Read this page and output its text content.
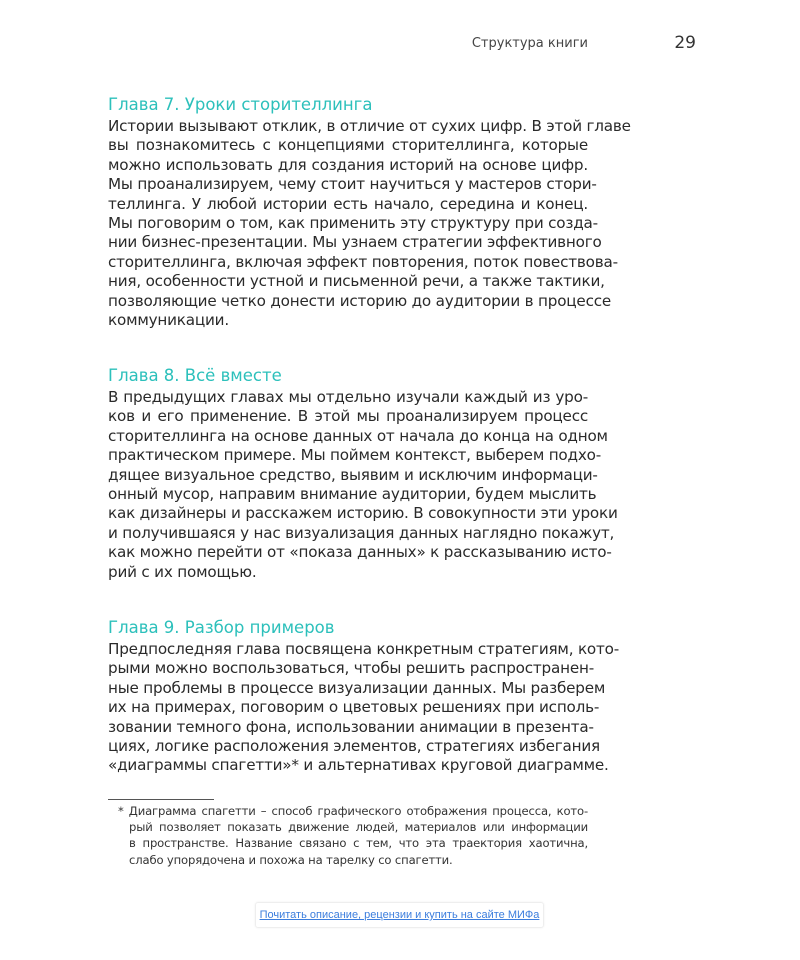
Структура книги	29
Глава 7. Уроки сторителлинга
Истории вызывают отклик, в отличие от сухих цифр. В этой главе
вы познакомитесь с концепциями сторителлинга, которые
можно использовать для создания историй на основе цифр.
Мы проанализируем, чему стоит научиться у мастеров стори-
теллинга. У любой истории есть начало, середина и конец.
Мы поговорим о том, как применить эту структуру при созда-
нии бизнес-презентации. Мы узнаем стратегии эффективного
сторителлинга, включая эффект повторения, поток повествова-
ния, особенности устной и письменной речи, а также тактики,
позволяющие четко донести историю до аудитории в процессе
коммуникации.
Глава 8. Всё вместе
В предыдущих главах мы отдельно изучали каждый из уро-
ков и его применение. В этой мы проанализируем процесс
сторителлинга на основе данных от начала до конца на одном
практическом примере. Мы поймем контекст, выберем подхо-
дящее визуальное средство, выявим и исключим информаци-
онный мусор, направим внимание аудитории, будем мыслить
как дизайнеры и расскажем историю. В совокупности эти уроки
и получившаяся у нас визуализация данных наглядно покажут,
как можно перейти от «показа данных» к рассказыванию исто-
рий с их помощью.
Глава 9. Разбор примеров
Предпоследняя глава посвящена конкретным стратегиям, кото-
рыми можно воспользоваться, чтобы решить распространен-
ные проблемы в процессе визуализации данных. Мы разберем
их на примерах, поговорим о цветовых решениях при исполь-
зовании темного фона, использовании анимации в презента-
циях, логике расположения элементов, стратегиях избегания
«диаграммы спагетти»* и альтернативах круговой диаграмме.
* Диаграмма спагетти – способ графического отображения процесса, кото-
рый позволяет показать движение людей, материалов или информации
в пространстве. Название связано с тем, что эта траектория хаотична,
слабо упорядочена и похожа на тарелку со спагетти.
Почитать описание, рецензии и купить на сайте МИФа
